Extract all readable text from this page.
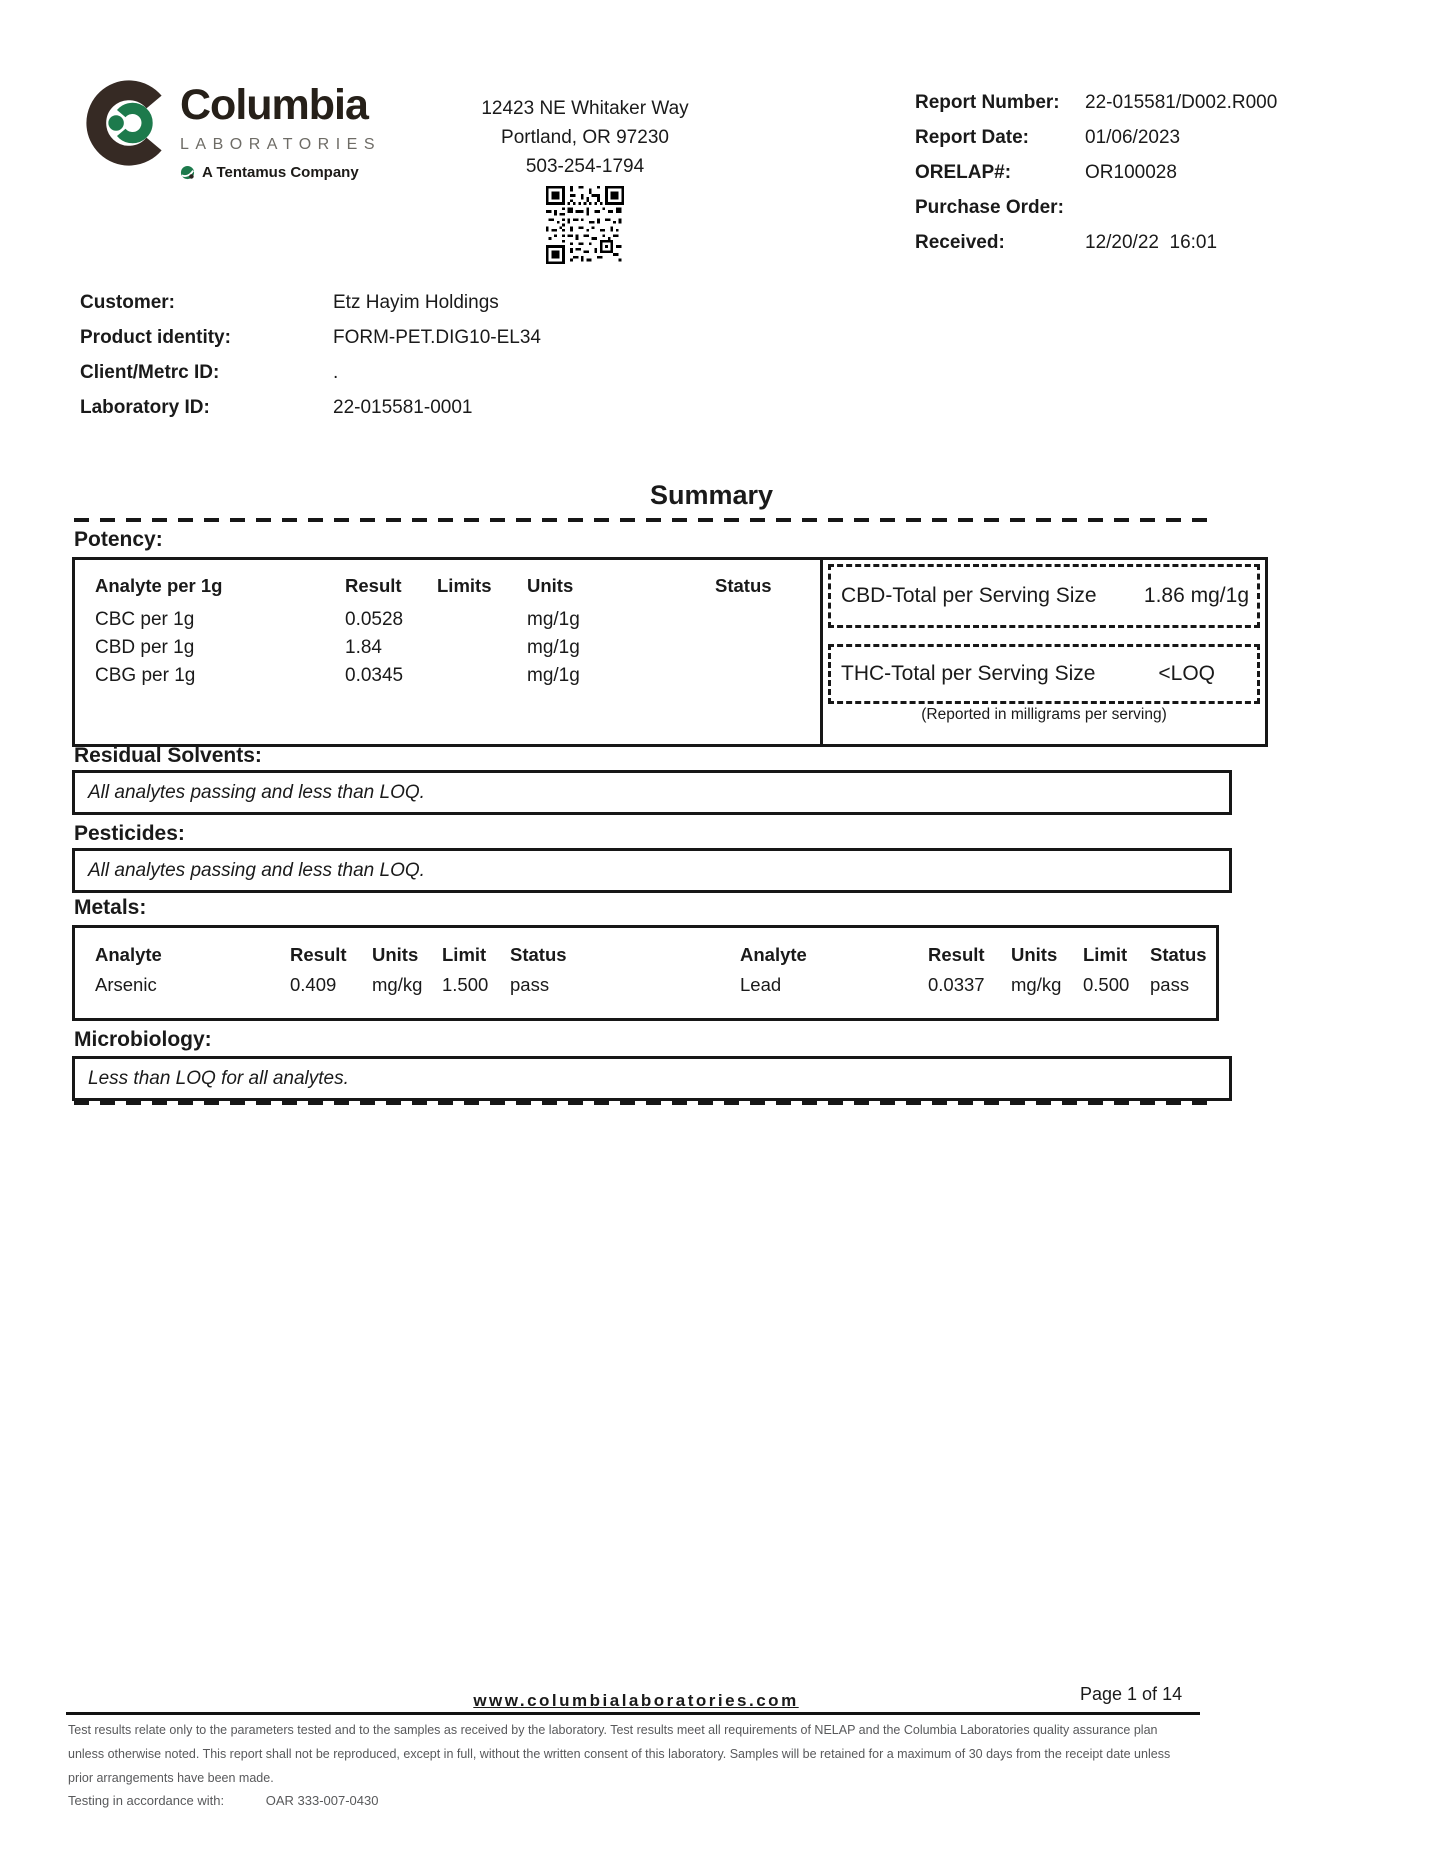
Columbia
LABORATORIES
A Tentamus Company
12423 NE Whitaker Way
Portland, OR 97230
503-254-1794
Report Number:	22-015581/D002.R000
Report Date:	01/06/2023
ORELAP#:	OR100028
Purchase Order:
Received:	12/20/22  16:01
Customer:	Etz Hayim Holdings
Product identity:	FORM-PET.DIG10-EL34
Client/Metrc ID:	.
Laboratory ID:	22-015581-0001
Summary
Potency:
Analyte per 1g	Result	Limits	Units	Status
CBC per 1g	0.0528	mg/1g
CBD per 1g	1.84	mg/1g
CBG per 1g	0.0345	mg/1g
CBD-Total per Serving Size 1.86 mg/1g
THC-Total per Serving Size	<LOQ
(Reported in milligrams per serving)
Residual Solvents:
All analytes passing and less than LOQ.
Pesticides:
All analytes passing and less than LOQ.
Metals:
Analyte	Result	Units	Limit	Status	Analyte	Result	Units	Limit	Status
Arsenic	0.409	mg/kg	1.500	pass	Lead	0.0337	mg/kg	0.500	pass
Microbiology:
Less than LOQ for all analytes.
Page 1 of 14
www.columbialaboratories.com
Test results relate only to the parameters tested and to the samples as received by the laboratory. Test results meet all requirements of NELAP and the Columbia Laboratories quality assurance plan unless otherwise noted. This report shall not be reproduced, except in full, without the written consent of this laboratory. Samples will be retained for a maximum of 30 days from the receipt date unless prior arrangements have been made.
Testing in accordance with:	OAR 333-007-0430
